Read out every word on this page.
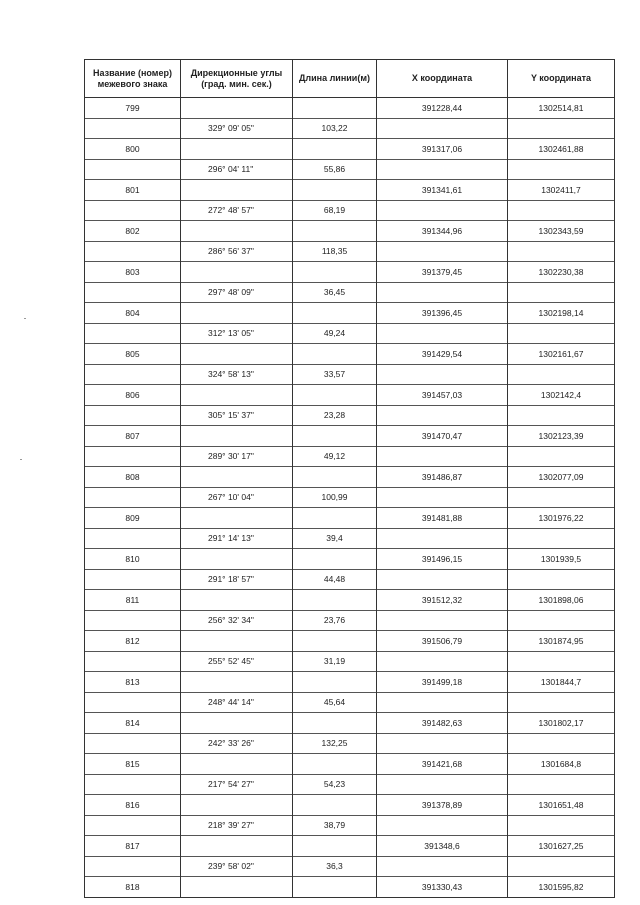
Название (номер) межевого знака	Дирекционные углы (град. мин. сек.)	Длина линии(м)	X координата	Y координата
799			391228,44	1302514,81
	329° 09' 05"	103,22		
800			391317,06	1302461,88
	296° 04' 11"	55,86		
801			391341,61	1302411,7
	272° 48' 57"	68,19		
802			391344,96	1302343,59
	286° 56' 37"	118,35		
803			391379,45	1302230,38
	297° 48' 09"	36,45		
804			391396,45	1302198,14
	312° 13' 05"	49,24		
805			391429,54	1302161,67
	324° 58' 13"	33,57		
806			391457,03	1302142,4
	305° 15' 37"	23,28		
807			391470,47	1302123,39
	289° 30' 17"	49,12		
808			391486,87	1302077,09
	267° 10' 04"	100,99		
809			391481,88	1301976,22
	291° 14' 13"	39,4		
810			391496,15	1301939,5
	291° 18' 57"	44,48		
811			391512,32	1301898,06
	256° 32' 34"	23,76		
812			391506,79	1301874,95
	255° 52' 45"	31,19		
813			391499,18	1301844,7
	248° 44' 14"	45,64		
814			391482,63	1301802,17
	242° 33' 26"	132,25		
815			391421,68	1301684,8
	217° 54' 27"	54,23		
816			391378,89	1301651,48
	218° 39' 27"	38,79		
817			391348,6	1301627,25
	239° 58' 02"	36,3		
818			391330,43	1301595,82
